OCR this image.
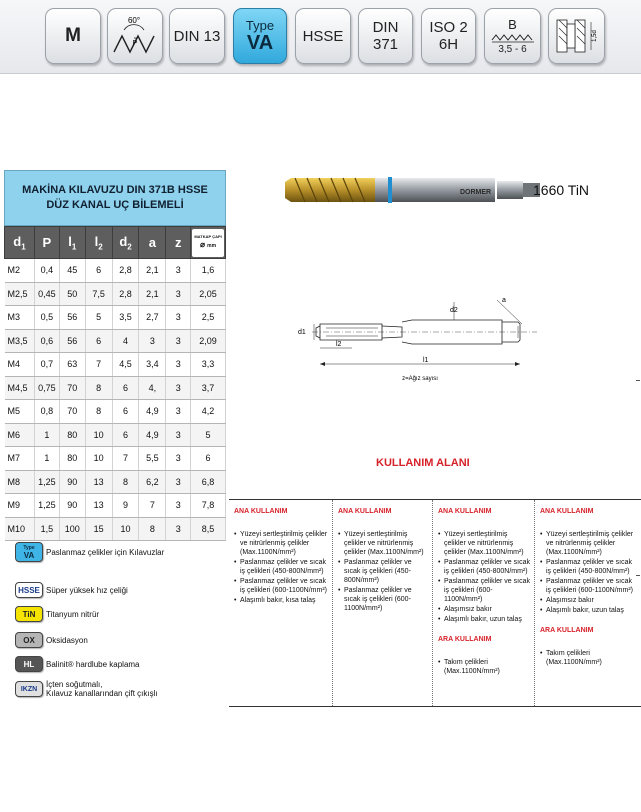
M
60°
P DIN 13
Type
VA HSSE DIN
371
ISO 2
6H
B
3,5 - 6
1,5d
MAKİNA KILAVUZU DIN 371B HSSE
DÜZ KANAL UÇ BİLEMELİ
$d_1$	P	$l_1$	$l_2$	$d_2$	a	z	MATKAP ÇAPI
⌀ mm

M2	0,4	45	6	2,8	2,1	3	1,6
M2,5	0,45	50	7,5	2,8	2,1	3	2,05
M3	0,5	56	5	3,5	2,7	3	2,5
M3,5	0,6	56	6	4	3	3	2,09
M4	0,7	63	7	4,5	3,4	3	3,3
M4,5	0,75	70	8	6	4,	3	3,7
M5	0,8	70	8	6	4,9	3	4,2
M6	1	80	10	6	4,9	3	5
M7	1	80	10	7	5,5	3	6
M8	1,25	90	13	8	6,2	3	6,8
M9	1,25	90	13	9	7	3	7,8
M10	1,5	100	15	10	8	3	8,5
DORMER	1660 TiN
d1
d2
a
l2
l1
z=Ağız sayısı
Type
VA Paslanmaz çelikler için Kılavuzlar
HSSE Süper yüksek hız çeliği
TiN	Titanyum nitrür
OX	Oksidasyon
HL	Balinit® hardlube kaplama
IKZN	İçten soğutmalı,
Kılavuz kanallarından çift çıkışlı
KULLANIM ALANI
ANA KULLANIM
• Yüzeyi sertleştirilmiş çelikler ve nitrürlenmiş çelikler (Max.1100N/mm²)
• Paslanmaz çelikler ve sıcak iş çelikleri (450-800N/mm²)
• Paslanmaz çelikler ve sıcak iş çelikleri (600-1100N/mm²)
• Alaşımlı bakır, kısa talaş
ANA KULLANIM
• Yüzeyi sertleştirilmiş çelikler ve nitrürlenmiş çelikler (Max.1100N/mm²)
• Paslanmaz çelikler ve sıcak iş çelikleri (450-800N/mm²)
• Paslanmaz çelikler ve sıcak iş çelikleri (600-1100N/mm²)
ANA KULLANIM
• Yüzeyi sertleştirilmiş çelikler ve nitrürlenmiş çelikler (Max.1100N/mm²)
• Paslanmaz çelikler ve sıcak iş çelikleri (450-800N/mm²)
• Paslanmaz çelikler ve sıcak iş çelikleri (600-1100N/mm²)
• Alaşımsız bakır
• Alaşımlı bakır, uzun talaş
ARA KULLANIM
• Takım çelikleri (Max.1100N/mm²)
ANA KULLANIM
• Yüzeyi sertleştirilmiş çelikler ve nitrürlenmiş çelikler (Max.1100N/mm²)
• Paslanmaz çelikler ve sıcak iş çelikleri (450-800N/mm²)
• Paslanmaz çelikler ve sıcak iş çelikleri (600-1100N/mm²)
• Alaşımsız bakır
• Alaşımlı bakır, uzun talaş
ARA KULLANIM
• Takım çelikleri (Max.1100N/mm²)
